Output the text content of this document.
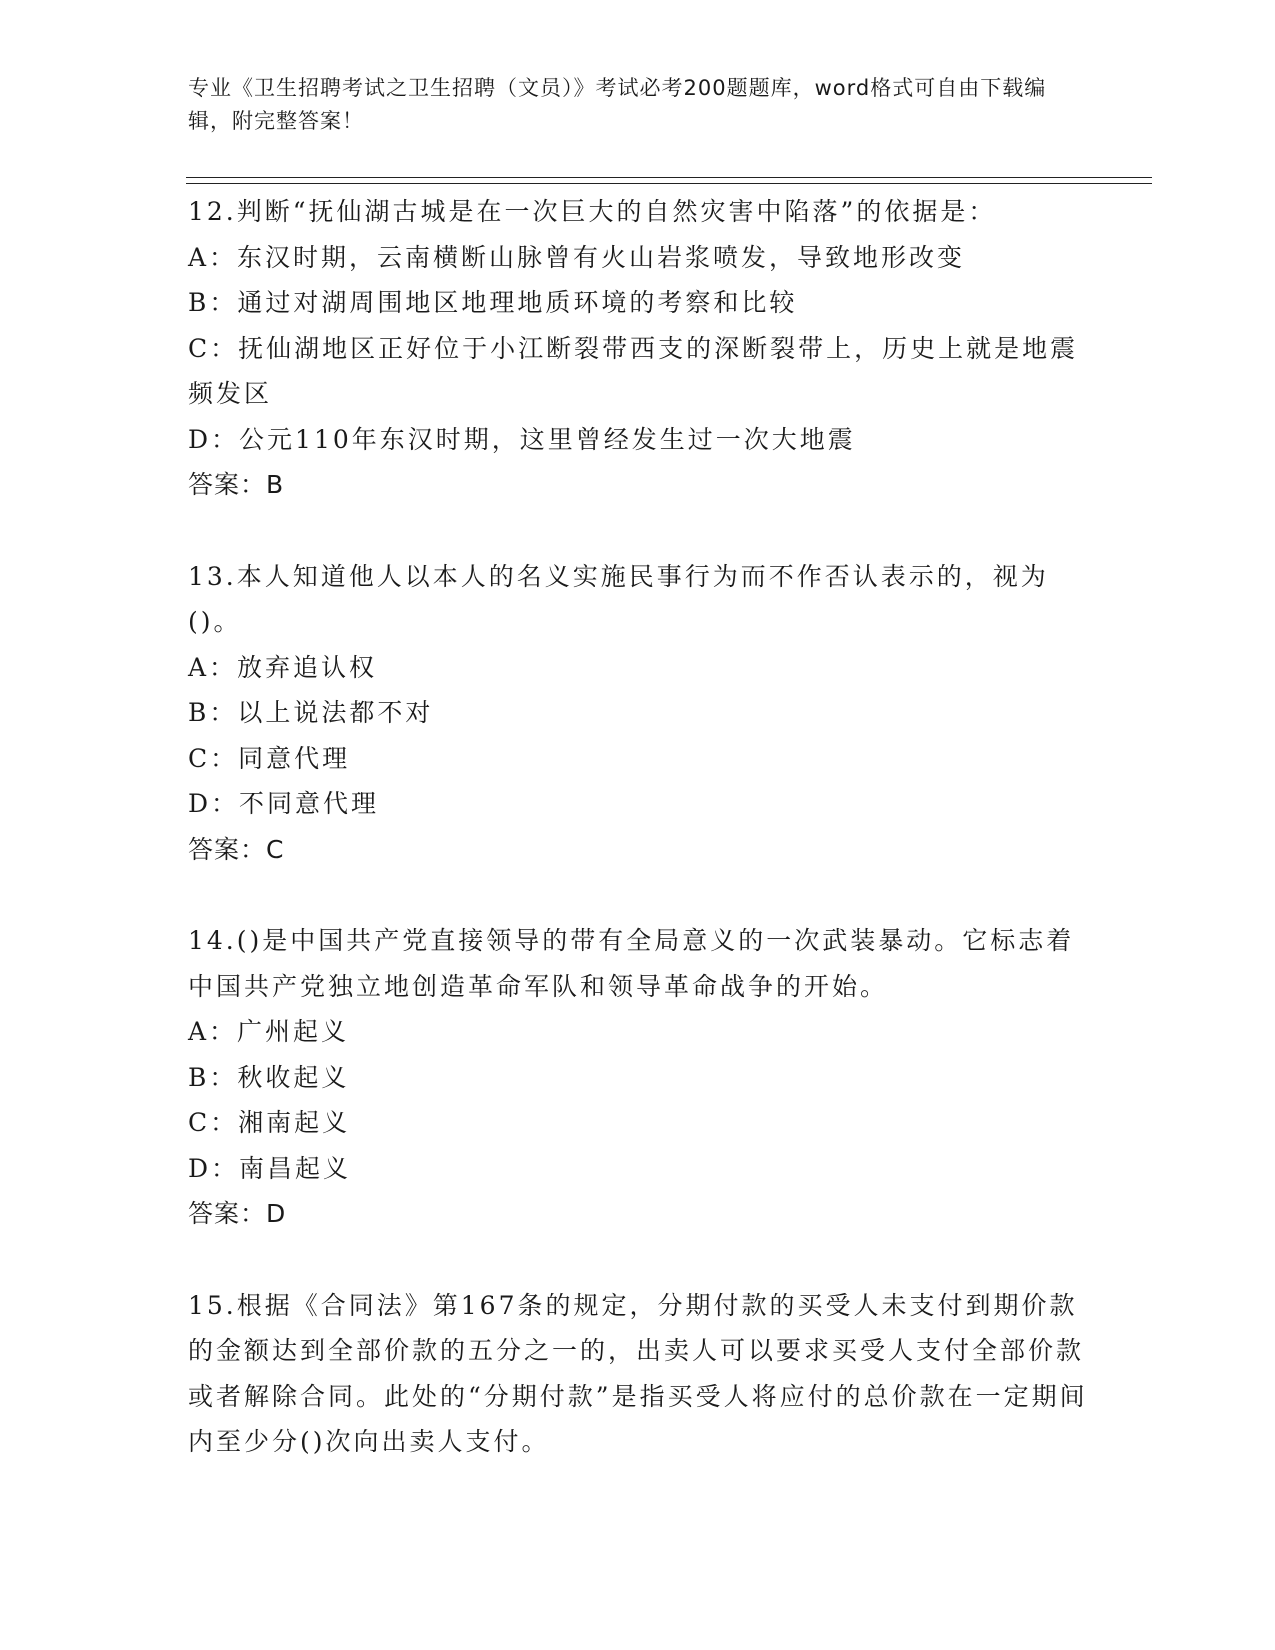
专业《卫生招聘考试之卫生招聘（文员）》考试必考200题题库，word格式可自由下载编辑，附完整答案！

12.判断“抚仙湖古城是在一次巨大的自然灾害中陷落”的依据是：

A：东汉时期，云南横断山脉曾有火山岩浆喷发，导致地形改变

B：通过对湖周围地区地理地质环境的考察和比较

C：抚仙湖地区正好位于小江断裂带西支的深断裂带上，历史上就是地震频发区

D：公元110年东汉时期，这里曾经发生过一次大地震

答案：B

13.本人知道他人以本人的名义实施民事行为而不作否认表示的，视为()。

A：放弃追认权

B：以上说法都不对

C：同意代理

D：不同意代理

答案：C

14.()是中国共产党直接领导的带有全局意义的一次武装暴动。它标志着中国共产党独立地创造革命军队和领导革命战争的开始。

A：广州起义

B：秋收起义

C：湘南起义

D：南昌起义

答案：D

15.根据《合同法》第167条的规定，分期付款的买受人未支付到期价款的金额达到全部价款的五分之一的，出卖人可以要求买受人支付全部价款或者解除合同。此处的“分期付款”是指买受人将应付的总价款在一定期间内至少分()次向出卖人支付。
